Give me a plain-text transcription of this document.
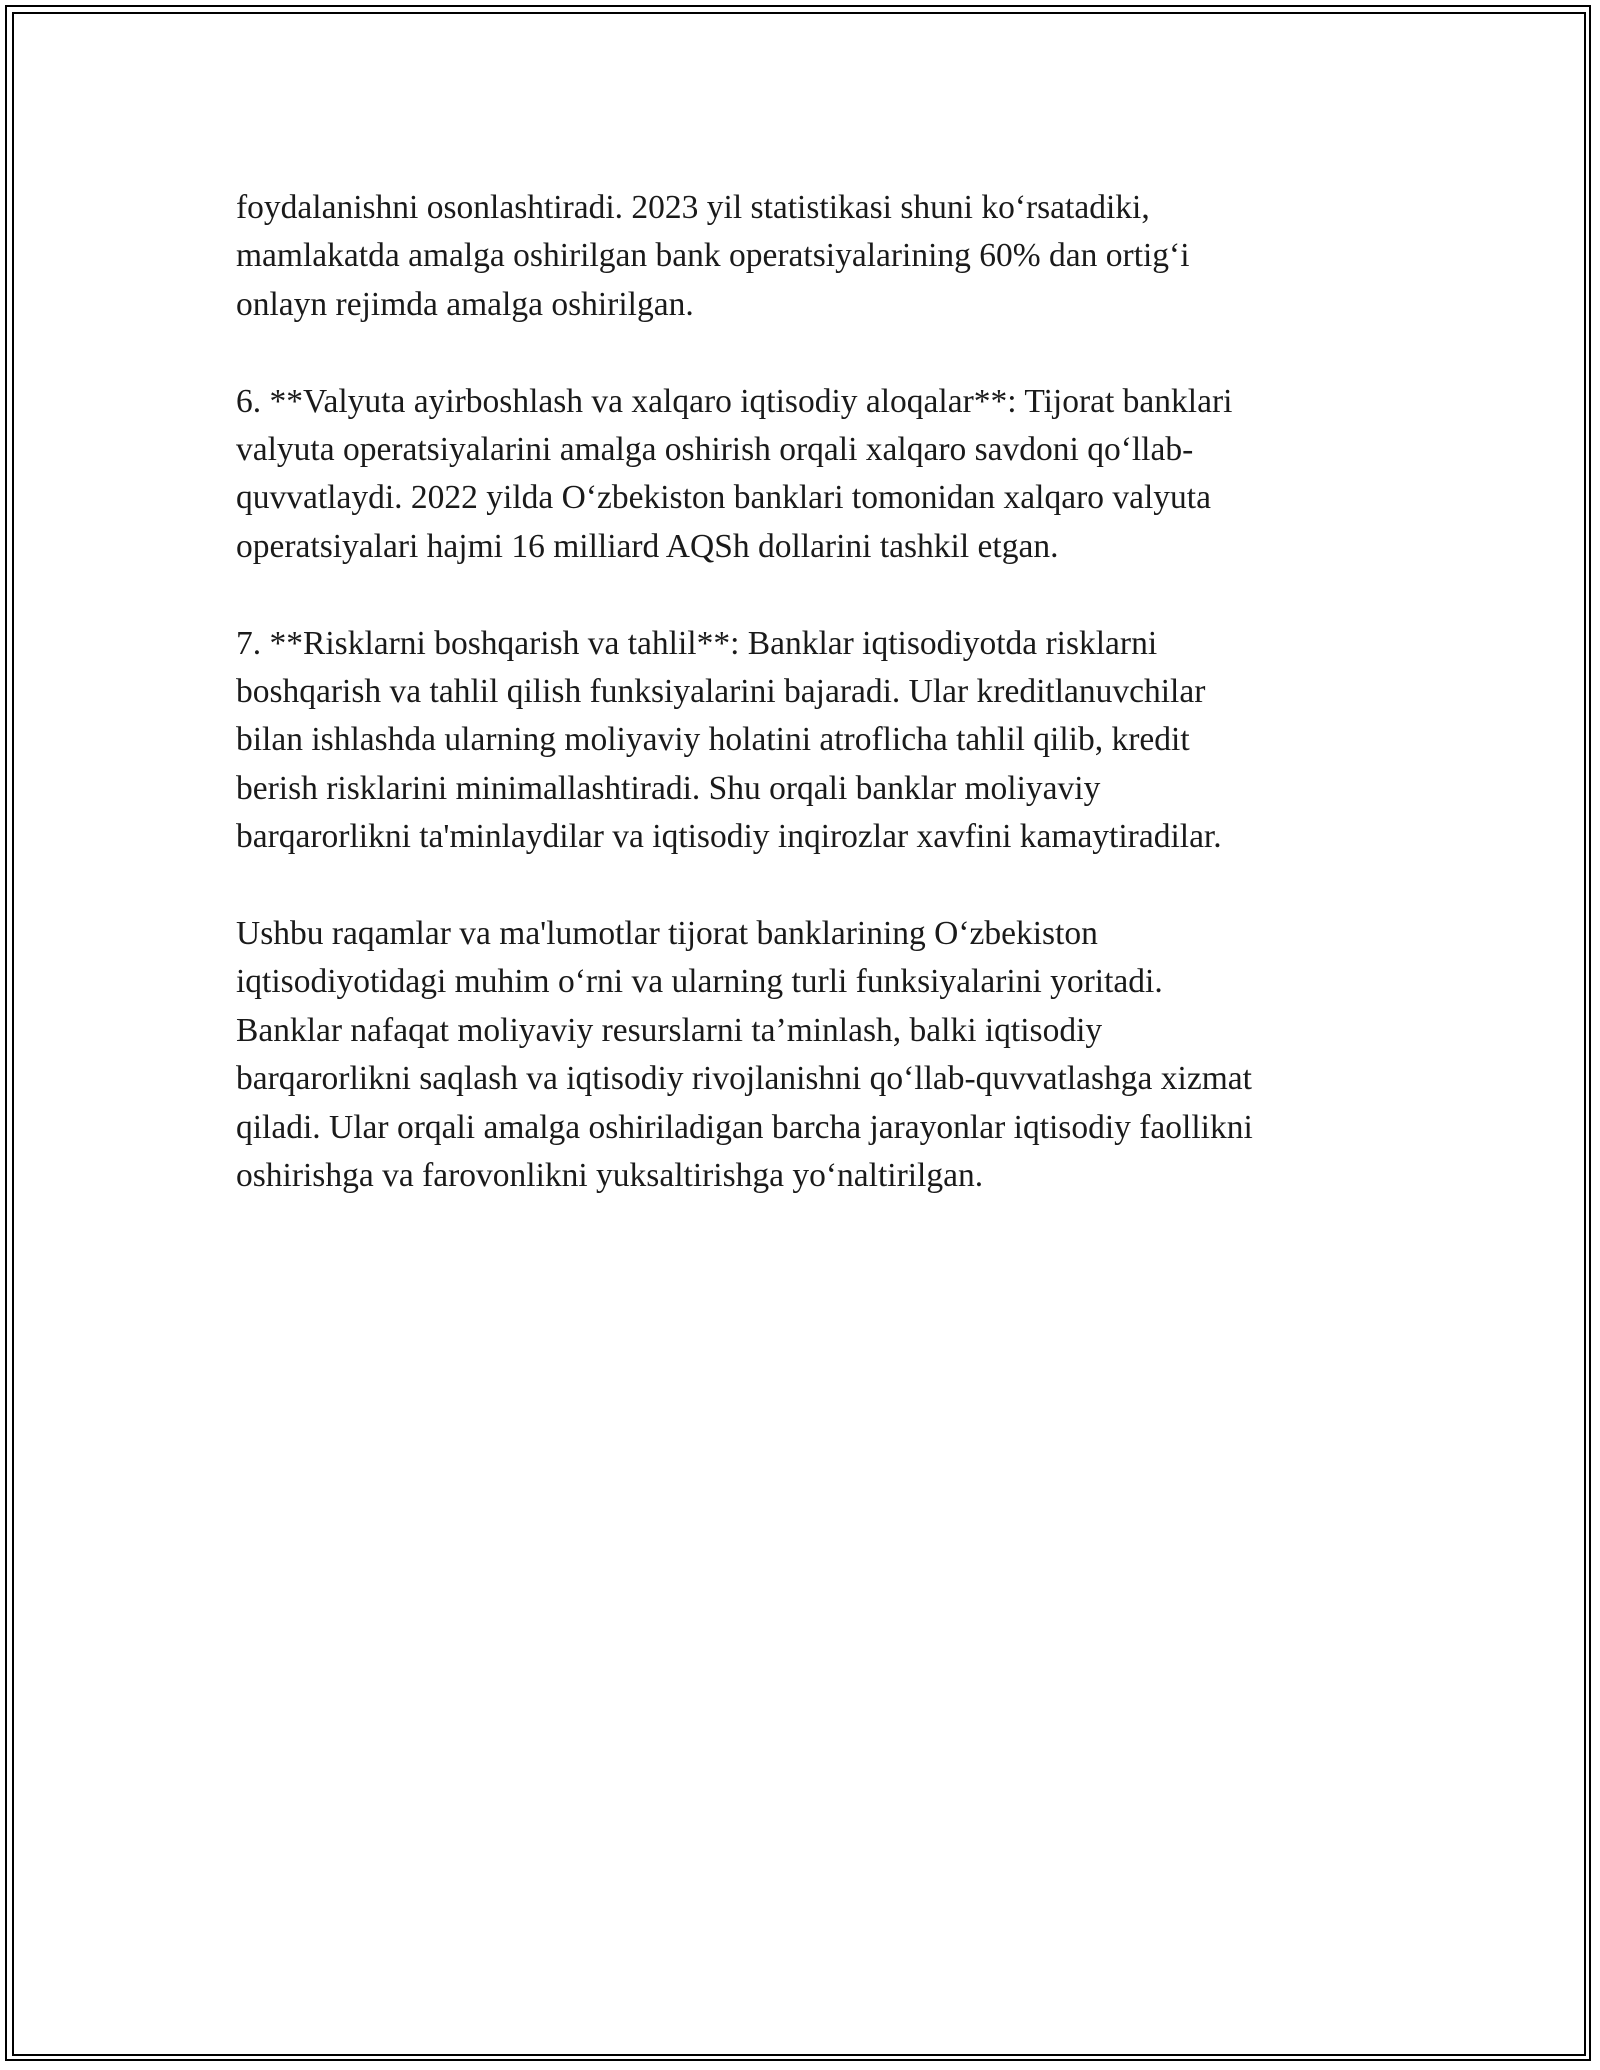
foydalanishni osonlashtiradi. 2023 yil statistikasi shuni ko‘rsatadiki,
mamlakatda amalga oshirilgan bank operatsiyalarining 60% dan ortig‘i
onlayn rejimda amalga oshirilgan.

6. **Valyuta ayirboshlash va xalqaro iqtisodiy aloqalar**: Tijorat banklari
valyuta operatsiyalarini amalga oshirish orqali xalqaro savdoni qo‘llab-
quvvatlaydi. 2022 yilda O‘zbekiston banklari tomonidan xalqaro valyuta
operatsiyalari hajmi 16 milliard AQSh dollarini tashkil etgan.

7. **Risklarni boshqarish va tahlil**: Banklar iqtisodiyotda risklarni
boshqarish va tahlil qilish funksiyalarini bajaradi. Ular kreditlanuvchilar
bilan ishlashda ularning moliyaviy holatini atroflicha tahlil qilib, kredit
berish risklarini minimallashtiradi. Shu orqali banklar moliyaviy
barqarorlikni ta'minlaydilar va iqtisodiy inqirozlar xavfini kamaytiradilar.

Ushbu raqamlar va ma'lumotlar tijorat banklarining O‘zbekiston
iqtisodiyotidagi muhim o‘rni va ularning turli funksiyalarini yoritadi.
Banklar nafaqat moliyaviy resurslarni ta’minlash, balki iqtisodiy
barqarorlikni saqlash va iqtisodiy rivojlanishni qo‘llab-quvvatlashga xizmat
qiladi. Ular orqali amalga oshiriladigan barcha jarayonlar iqtisodiy faollikni
oshirishga va farovonlikni yuksaltirishga yo‘naltirilgan.
